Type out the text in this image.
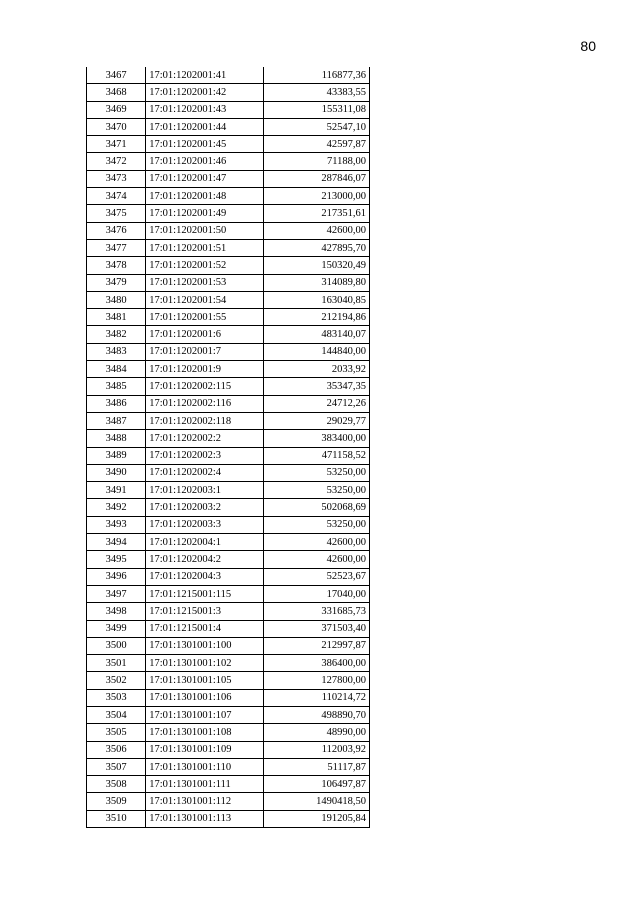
80
3467	17:01:1202001:41	116877,36
3468	17:01:1202001:42	43383,55
3469	17:01:1202001:43	155311,08
3470	17:01:1202001:44	52547,10
3471	17:01:1202001:45	42597,87
3472	17:01:1202001:46	71188,00
3473	17:01:1202001:47	287846,07
3474	17:01:1202001:48	213000,00
3475	17:01:1202001:49	217351,61
3476	17:01:1202001:50	42600,00
3477	17:01:1202001:51	427895,70
3478	17:01:1202001:52	150320,49
3479	17:01:1202001:53	314089,80
3480	17:01:1202001:54	163040,85
3481	17:01:1202001:55	212194,86
3482	17:01:1202001:6	483140,07
3483	17:01:1202001:7	144840,00
3484	17:01:1202001:9	2033,92
3485	17:01:1202002:115	35347,35
3486	17:01:1202002:116	24712,26
3487	17:01:1202002:118	29029,77
3488	17:01:1202002:2	383400,00
3489	17:01:1202002:3	471158,52
3490	17:01:1202002:4	53250,00
3491	17:01:1202003:1	53250,00
3492	17:01:1202003:2	502068,69
3493	17:01:1202003:3	53250,00
3494	17:01:1202004:1	42600,00
3495	17:01:1202004:2	42600,00
3496	17:01:1202004:3	52523,67
3497	17:01:1215001:115	17040,00
3498	17:01:1215001:3	331685,73
3499	17:01:1215001:4	371503,40
3500	17:01:1301001:100	212997,87
3501	17:01:1301001:102	386400,00
3502	17:01:1301001:105	127800,00
3503	17:01:1301001:106	110214,72
3504	17:01:1301001:107	498890,70
3505	17:01:1301001:108	48990,00
3506	17:01:1301001:109	112003,92
3507	17:01:1301001:110	51117,87
3508	17:01:1301001:111	106497,87
3509	17:01:1301001:112	1490418,50
3510	17:01:1301001:113	191205,84
